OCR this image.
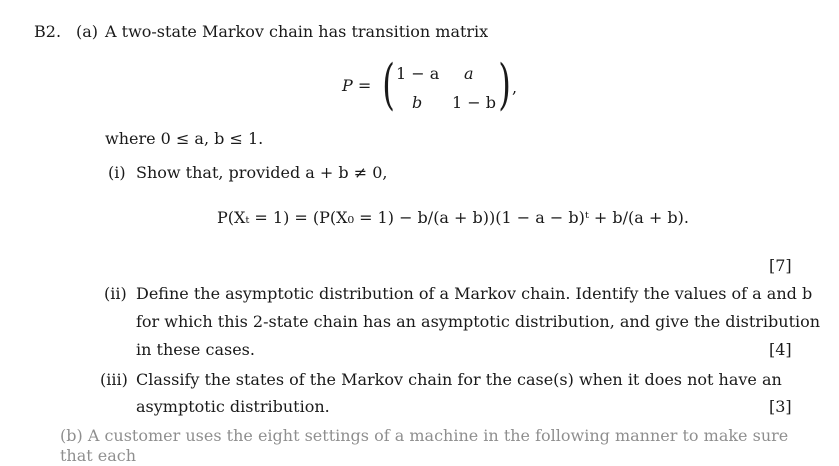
B2. (a) A two-state Markov chain has transition matrix
P = ( 1 − a a
b 1 − b ) ,
where 0 ≤ a, b ≤ 1.
(i) Show that, provided a + b ≠ 0,
P(Xₜ = 1) = (P(X₀ = 1) − b/(a + b))(1 − a − b)ᵗ + b/(a + b).
[7]
(ii) Define the asymptotic distribution of a Markov chain. Identify the values of a and b
for which this 2-state chain has an asymptotic distribution, and give the distribution
in these cases.	[4]
(iii) Classify the states of the Markov chain for the case(s) when it does not have an
asymptotic distribution.	[3]
(b) A customer uses the eight settings of a machine in the following manner to make sure that each
